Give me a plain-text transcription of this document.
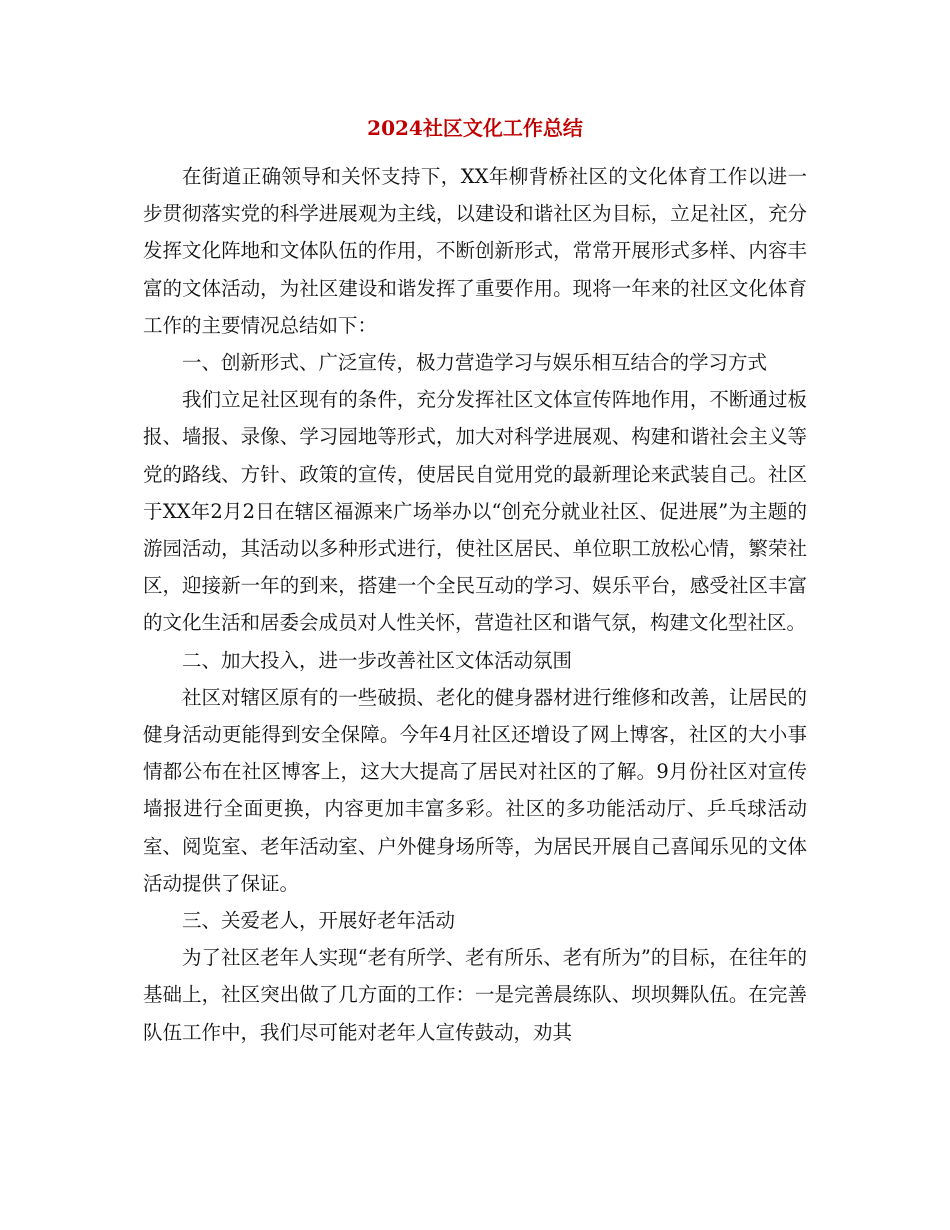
2024社区文化工作总结

在街道正确领导和关怀支持下，XX年柳背桥社区的文化体育工作以进一步贯彻落实党的科学进展观为主线，以建设和谐社区为目标，立足社区，充分发挥文化阵地和文体队伍的作用，不断创新形式，常常开展形式多样、内容丰富的文体活动，为社区建设和谐发挥了重要作用。现将一年来的社区文化体育工作的主要情况总结如下：

一、创新形式、广泛宣传，极力营造学习与娱乐相互结合的学习方式

我们立足社区现有的条件，充分发挥社区文体宣传阵地作用，不断通过板报、墙报、录像、学习园地等形式，加大对科学进展观、构建和谐社会主义等党的路线、方针、政策的宣传，使居民自觉用党的最新理论来武装自己。社区于XX年2月2日在辖区福源来广场举办以“创充分就业社区、促进展”为主题的游园活动，其活动以多种形式进行，使社区居民、单位职工放松心情，繁荣社区，迎接新一年的到来，搭建一个全民互动的学习、娱乐平台，感受社区丰富的文化生活和居委会成员对人性关怀，营造社区和谐气氛，构建文化型社区。

二、加大投入，进一步改善社区文体活动氛围

社区对辖区原有的一些破损、老化的健身器材进行维修和改善，让居民的健身活动更能得到安全保障。今年4月社区还增设了网上博客，社区的大小事情都公布在社区博客上，这大大提高了居民对社区的了解。9月份社区对宣传墙报进行全面更换，内容更加丰富多彩。社区的多功能活动厅、乒乓球活动室、阅览室、老年活动室、户外健身场所等，为居民开展自己喜闻乐见的文体活动提供了保证。

三、关爱老人，开展好老年活动

为了社区老年人实现“老有所学、老有所乐、老有所为”的目标，在往年的基础上，社区突出做了几方面的工作：一是完善晨练队、坝坝舞队伍。在完善队伍工作中，我们尽可能对老年人宣传鼓动，劝其
